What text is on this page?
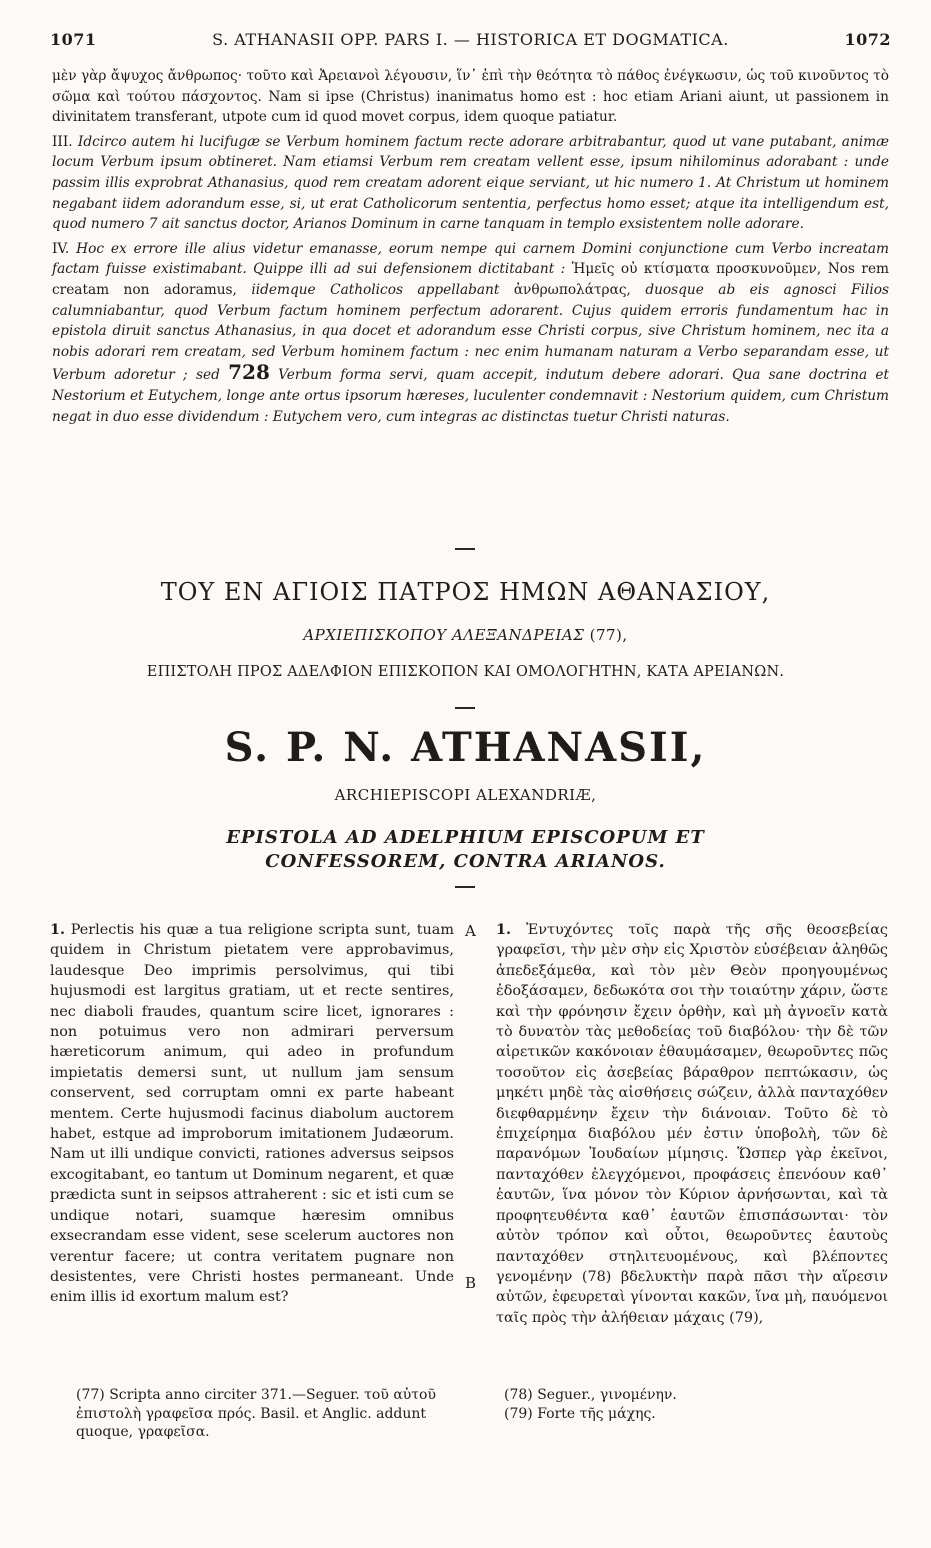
1071	S. ATHANASII OPP. PARS I. — HISTORICA ET DOGMATICA.	1072

μὲν γὰρ ἄψυχος ἄνθρωπος· τοῦτο καὶ Ἀρειανοὶ λέγουσιν, ἵν᾽ ἐπὶ τὴν θεότητα τὸ πάθος ἐνέγκωσιν, ὡς τοῦ κινοῦντος τὸ σῶμα καὶ τούτου πάσχοντος. Nam si ipse (Christus) inanimatus homo est : hoc etiam Ariani aiunt, ut passionem in divinitatem transferant, utpote cum id quod movet corpus, idem quoque patiatur.

III. Idcirco autem hi lucifugæ se Verbum hominem factum recte adorare arbitrabantur, quod ut vane putabant, animæ locum Verbum ipsum obtineret. Nam etiamsi Verbum rem creatam vellent esse, ipsum nihilominus adorabant : unde passim illis exprobrat Athanasius, quod rem creatam adorent eique serviant, ut hic numero 1. At Christum ut hominem negabant iidem adorandum esse, si, ut erat Catholicorum sententia, perfectus homo esset; atque ita intelligendum est, quod numero 7 ait sanctus doctor, Arianos Dominum in carne tanquam in templo exsistentem nolle adorare.

IV. Hoc ex errore ille alius videtur emanasse, eorum nempe qui carnem Domini conjunctione cum Verbo increatam factam fuisse existimabant. Quippe illi ad sui defensionem dictitabant : Ἡμεῖς οὐ κτίσματα προσκυνοῦμεν, Nos rem creatam non adoramus, iidemque Catholicos appellabant ἀνθρωπολάτρας, duosque ab eis agnosci Filios calumniabantur, quod Verbum factum hominem perfectum adorarent. Cujus quidem erroris fundamentum hac in epistola diruit sanctus Athanasius, in qua docet et adorandum esse Christi corpus, sive Christum hominem, nec ita a nobis adorari rem creatam, sed Verbum hominem factum : nec enim humanam naturam a Verbo separandam esse, ut Verbum adoretur ; sed 728 Verbum forma servi, quam accepit, indutum debere adorari. Qua sane doctrina et Nestorium et Eutychem, longe ante ortus ipsorum hæreses, luculenter condemnavit : Nestorium quidem, cum Christum negat in duo esse dividendum : Eutychem vero, cum integras ac distinctas tuetur Christi naturas.

ΤΟΥ ΕΝ ΑΓΙΟΙΣ ΠΑΤΡΟΣ ΗΜΩΝ ΑΘΑΝΑΣΙΟΥ,
ΑΡΧΙΕΠΙΣΚΟΠΟΥ ΑΛΕΞΑΝΔΡΕΙΑΣ (77),
ΕΠΙΣΤΟΛΗ ΠΡΟΣ ΑΔΕΛΦΙΟΝ ΕΠΙΣΚΟΠΟΝ ΚΑΙ ΟΜΟΛΟΓΗΤΗΝ, ΚΑΤΑ ΑΡΕΙΑΝΩΝ.
S. P. N. ATHANASII,
ARCHIEPISCOPI ALEXANDRIÆ,
EPISTOLA AD ADELPHIUM EPISCOPUM ET CONFESSOREM, CONTRA ARIANOS.

1. Perlectis his quæ a tua religione scripta sunt, tuam quidem in Christum pietatem vere approbavimus, laudesque Deo imprimis persolvimus, qui tibi hujusmodi est largitus gratiam, ut et recte sentires, nec diaboli fraudes, quantum scire licet, ignorares : non potuimus vero non admirari perversum hæreticorum animum, qui adeo in profundum impietatis demersi sunt, ut nullum jam sensum conservent, sed corruptam omni ex parte habeant mentem. Certe hujusmodi facinus diabolum auctorem habet, estque ad improborum imitationem Judæorum. Nam ut illi undique convicti, rationes adversus seipsos excogitabant, eo tantum ut Dominum negarent, et quæ prædicta sunt in seipsos attraherent : sic et isti cum se undique notari, suamque hæresim omnibus exsecrandam esse vident, sese scelerum auctores non verentur facere; ut contra veritatem pugnare non desistentes, vere Christi hostes permaneant. Unde enim illis id exortum malum est?

A
B

1. Ἐντυχόντες τοῖς παρὰ τῆς σῆς θεοσεβείας γραφεῖσι, τὴν μὲν σὴν εἰς Χριστὸν εὐσέβειαν ἀληθῶς ἀπεδεξάμεθα, καὶ τὸν μὲν Θεὸν προηγουμένως ἐδοξάσαμεν, δεδωκότα σοι τὴν τοιαύτην χάριν, ὥστε καὶ τὴν φρόνησιν ἔχειν ὀρθὴν, καὶ μὴ ἀγνοεῖν κατὰ τὸ δυνατὸν τὰς μεθοδείας τοῦ διαβόλου· τὴν δὲ τῶν αἱρετικῶν κακόνοιαν ἐθαυμάσαμεν, θεωροῦντες πῶς τοσοῦτον εἰς ἀσεβείας βάραθρον πεπτώκασιν, ὡς μηκέτι μηδὲ τὰς αἰσθήσεις σώζειν, ἀλλὰ πανταχόθεν διεφθαρμένην ἔχειν τὴν διάνοιαν. Τοῦτο δὲ τὸ ἐπιχείρημα διαβόλου μέν ἐστιν ὑποβολὴ, τῶν δὲ παρανόμων Ἰουδαίων μίμησις. Ὥσπερ γὰρ ἐκεῖνοι, πανταχόθεν ἐλεγχόμενοι, προφάσεις ἐπενόουν καθ᾽ ἑαυτῶν, ἵνα μόνον τὸν Κύριον ἀρνήσωνται, καὶ τὰ προφητευθέντα καθ᾽ ἑαυτῶν ἐπισπάσωνται· τὸν αὐτὸν τρόπον καὶ οὗτοι, θεωροῦντες ἑαυτοὺς πανταχόθεν στηλιτευομένους, καὶ βλέποντες γενομένην (78) βδελυκτὴν παρὰ πᾶσι τὴν αἵρεσιν αὐτῶν, ἐφευρεταὶ γίνονται κακῶν, ἵνα μὴ, παυόμενοι ταῖς πρὸς τὴν ἀλήθειαν μάχαις (79),

(77) Scripta anno circiter 371.—Seguer. τοῦ αὐτοῦ ἐπιστολὴ γραφεῖσα πρός. Basil. et Anglic. addunt quoque, γραφεῖσα.

(78) Seguer., γινομένην.

(79) Forte τῆς μάχης.
